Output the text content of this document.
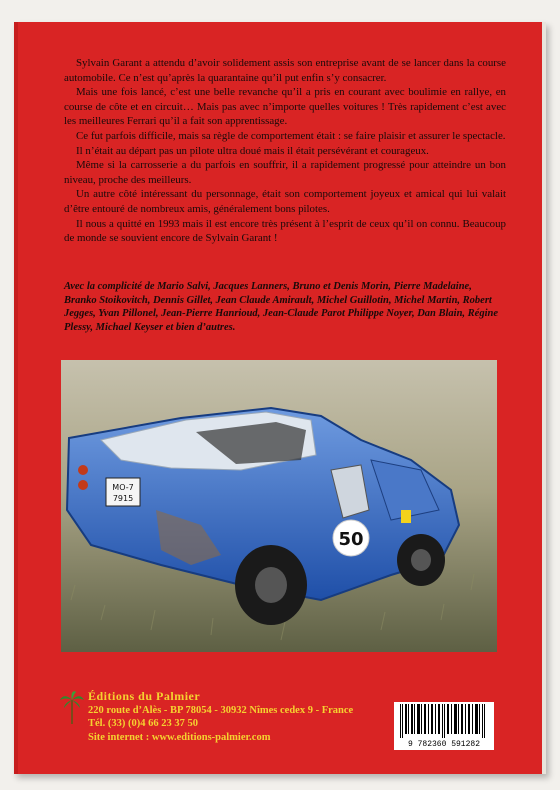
Sylvain Garant a attendu d’avoir solidement assis son entreprise avant de se lancer dans la course automobile. Ce n’est qu’après la quarantaine qu’il put enfin s’y consacrer.

Mais une fois lancé, c’est une belle revanche qu’il a pris en courant avec boulimie en rallye, en course de côte et en circuit… Mais pas avec n’importe quelles voitures ! Très rapidement c’est avec les meilleures Ferrari qu’il a fait son apprentissage.

Ce fut parfois difficile, mais sa règle de comportement était : se faire plaisir et assurer le spectacle.

Il n’était au départ pas un pilote ultra doué mais il était persévérant et courageux.

Même si la carrosserie a du parfois en souffrir, il a rapidement progressé pour atteindre un bon niveau, proche des meilleurs.

Un autre côté intéressant du personnage, était son comportement joyeux et amical qui lui valait d’être entouré de nombreux amis, généralement bons pilotes.

Il nous a quitté en 1993 mais il est encore très présent à l’esprit de ceux qu’il on connu. Beaucoup de monde se souvient encore de Sylvain Garant !

Avec la complicité de Mario Salvi, Jacques Lanners, Bruno et Denis Morin, Pierre Madelaine, Branko Stoikovitch, Dennis Gillet, Jean Claude Amirault, Michel Guillotin, Michel Martin, Robert Jegges, Yvan Pillonel, Jean-Pierre Hanrioud, Jean-Claude Parot Philippe Noyer, Dan Blain, Régine Plessy, Michael Keyser et bien d’autres.
MO-7
7915
50
Éditions du Palmier
220 route d’Alès - BP 78054 - 30932 Nîmes cedex 9 - France
Tél. (33) (0)4 66 23 37 50
Site internet : www.editions-palmier.com
9 782360 591282
